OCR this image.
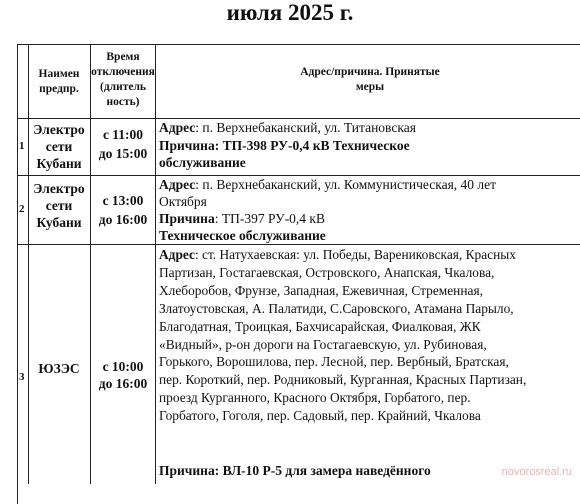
июля 2025 г.
Наимен предпр.
Время отключения (длитель ность)
Адрес/причина. Принятые меры
1
Электро сети Кубани
с 11:00
до 15:00
Адрес: п. Верхнебаканский, ул. Титановская
Причина: ТП-398 РУ-0,4 кВ Техническое обслуживание
2
Электро сети Кубани
с 13:00
до 16:00
Адрес: п. Верхнебаканский, ул. Коммунистическая, 40 лет Октября
Причина: ТП-397 РУ-0,4 кВ
Техническое обслуживание
3
ЮЗЭС	с 10:00
до 16:00
Адрес: ст. Натухаевская: ул. Победы, Варениковская, Красных Партизан, Гостагаевская, Островского, Анапская, Чкалова, Хлеборобов, Фрунзе, Западная, Ежевичная, Стременная, Златоустовская, А. Палатиди, С.Саровского, Атамана Парыло, Благодатная, Троицкая, Бахчисарайская, Фиалковая, ЖК «Видный», р-он дороги на Гостагаевскую, ул. Рубиновая, Горького, Ворошилова, пер. Лесной, пер. Вербный, Братская, пер. Короткий, пер. Родниковый, Курганная, Красных Партизан, проезд Курганного, Красного Октября, Горбатого, пер. Горбатого, Гоголя, пер. Садовый, пер. Крайний, Чкалова
Причина: ВЛ-10 Р-5 для замера наведённого	novorosreal.ru
